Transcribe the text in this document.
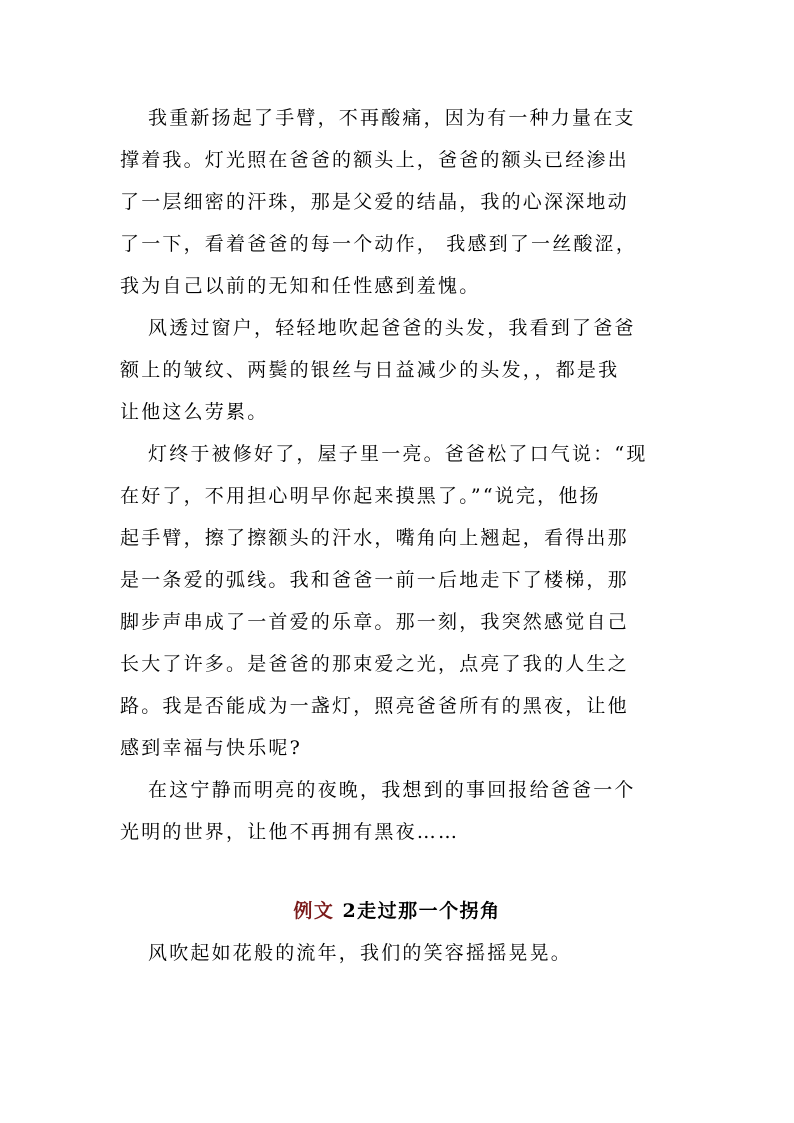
我重新扬起了手臂，不再酸痛，因为有一种力量在支
撑着我。灯光照在爸爸的额头上，爸爸的额头已经渗出
了一层细密的汗珠，那是父爱的结晶，我的心深深地动
了一下，看着爸爸的每一个动作， 我感到了一丝酸涩，
我为自己以前的无知和任性感到羞愧。
风透过窗户，轻轻地吹起爸爸的头发，我看到了爸爸
额上的皱纹、两鬓的银丝与日益减少的头发，，都是我
让他这么劳累。
灯终于被修好了，屋子里一亮。爸爸松了口气说：“现
在好了，不用担心明早你起来摸黑了。”“说完，他扬
起手臂，擦了擦额头的汗水，嘴角向上翘起，看得出那
是一条爱的弧线。我和爸爸一前一后地走下了楼梯，那
脚步声串成了一首爱的乐章。那一刻，我突然感觉自己
长大了许多。是爸爸的那束爱之光，点亮了我的人生之
路。我是否能成为一盏灯，照亮爸爸所有的黑夜，让他
感到幸福与快乐呢?
在这宁静而明亮的夜晚，我想到的事回报给爸爸一个
光明的世界，让他不再拥有黑夜……
例文 2走过那一个拐角
风吹起如花般的流年，我们的笑容摇摇晃晃。
